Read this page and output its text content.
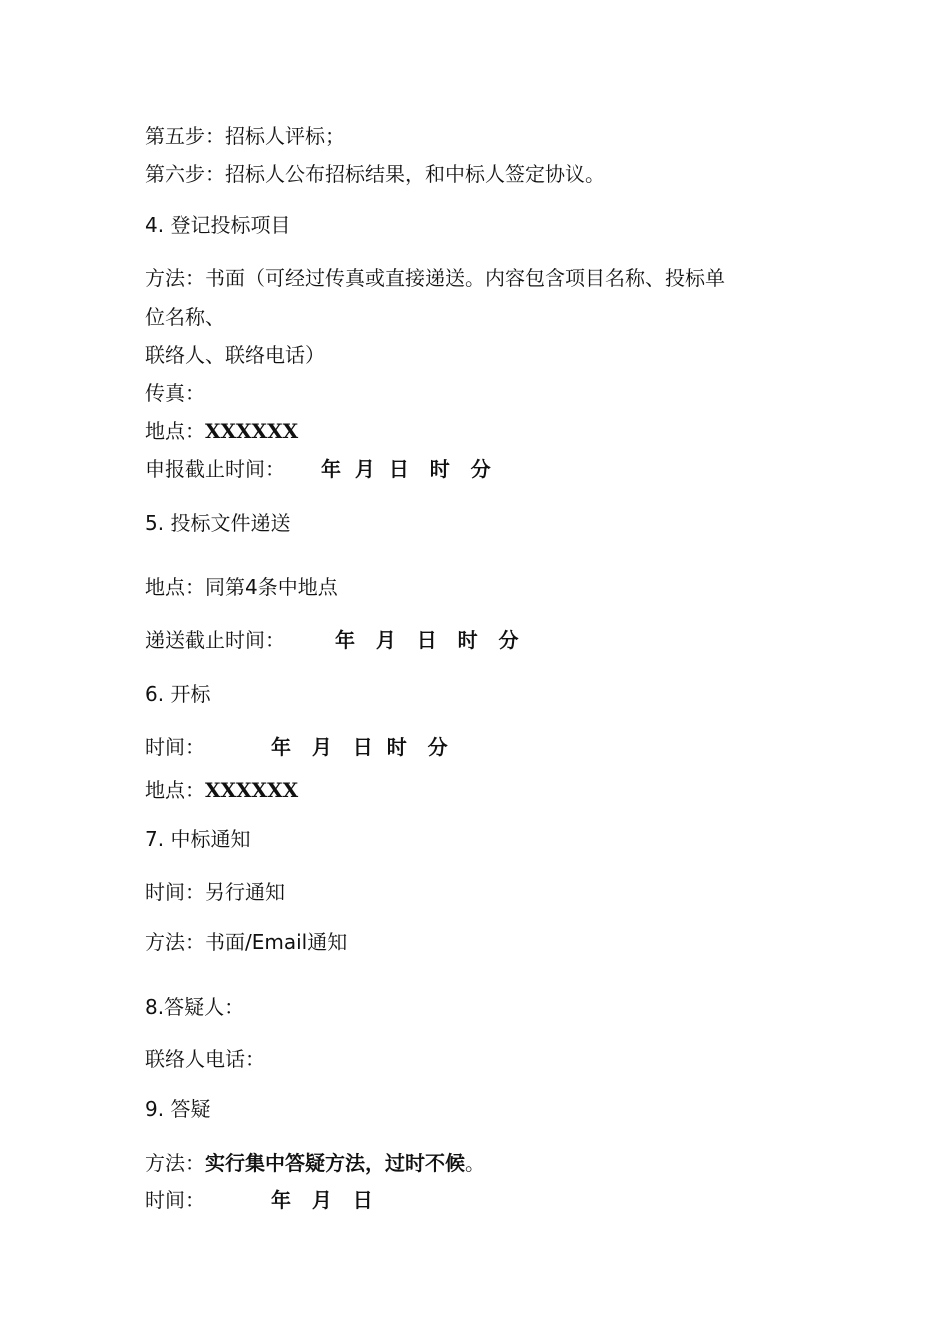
第五步：招标人评标；
第六步：招标人公布招标结果，和中标人签定协议。
4. 登记投标项目
方法：书面（可经过传真或直接递送。内容包含项目名称、投标单
位名称、
联络人、联络电话）
传真：
地点：XXXXXX
申报截止时间： 年  月  日   时   分
5. 投标文件递送
地点：同第4条中地点
递送截止时间：	年   月   日   时   分
6. 开标
时间：	年   月   日  时   分
地点：XXXXXX
7. 中标通知
时间：另行通知
方法：书面/Email通知
8.答疑人：
联络人电话：
9. 答疑
方法：实行集中答疑方法，过时不候。
时间：	年   月   日
